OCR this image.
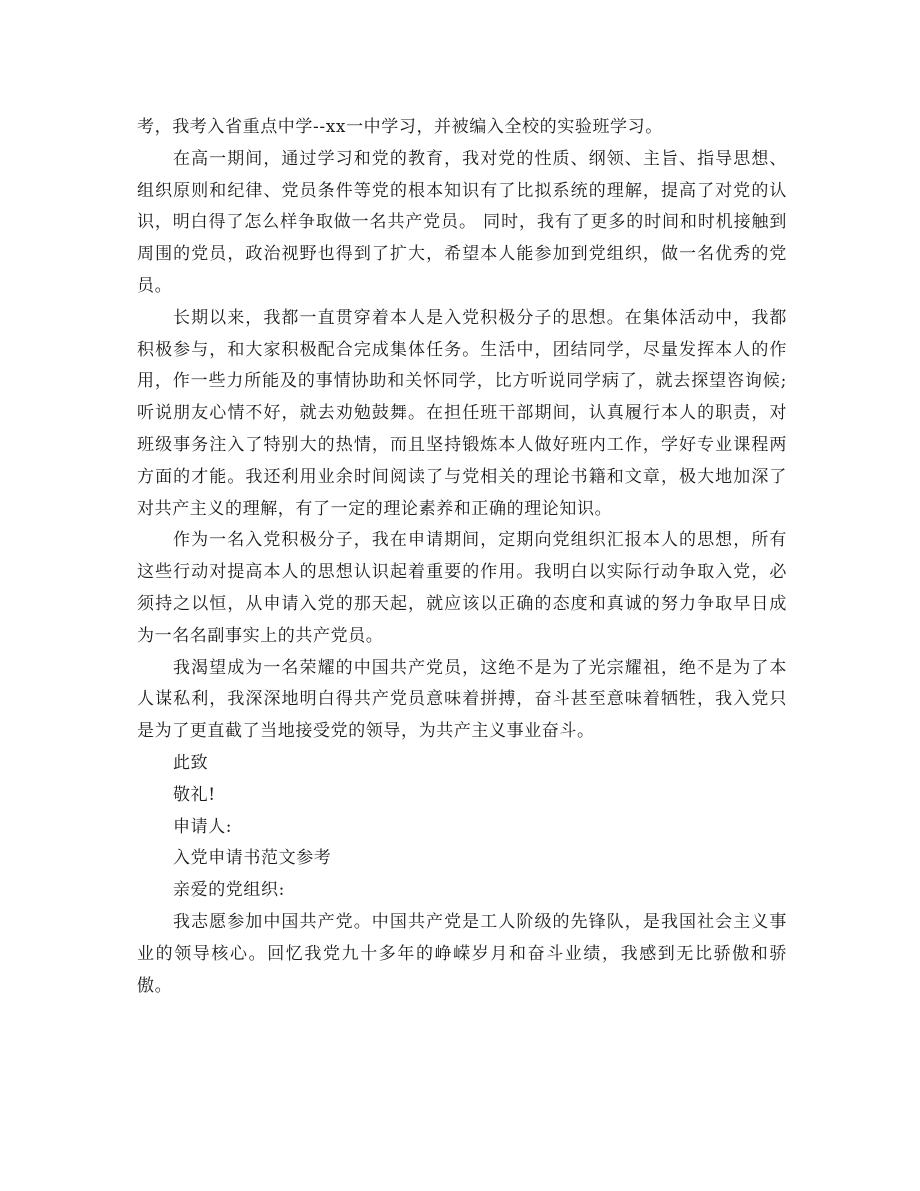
考，我考入省重点中学--xx一中学习，并被编入全校的实验班学习。

在高一期间，通过学习和党的教育，我对党的性质、纲领、主旨、指导思想、组织原则和纪律、党员条件等党的根本知识有了比拟系统的理解，提高了对党的认识，明白得了怎么样争取做一名共产党员。 同时，我有了更多的时间和时机接触到周围的党员，政治视野也得到了扩大，希望本人能参加到党组织，做一名优秀的党员。

长期以来，我都一直贯穿着本人是入党积极分子的思想。在集体活动中，我都积极参与，和大家积极配合完成集体任务。生活中，团结同学，尽量发挥本人的作用，作一些力所能及的事情协助和关怀同学，比方听说同学病了，就去探望咨询候;听说朋友心情不好，就去劝勉鼓舞。在担任班干部期间，认真履行本人的职责，对班级事务注入了特别大的热情，而且坚持锻炼本人做好班内工作，学好专业课程两方面的才能。我还利用业余时间阅读了与党相关的理论书籍和文章，极大地加深了对共产主义的理解，有了一定的理论素养和正确的理论知识。

作为一名入党积极分子，我在申请期间，定期向党组织汇报本人的思想，所有这些行动对提高本人的思想认识起着重要的作用。我明白以实际行动争取入党，必须持之以恒，从申请入党的那天起，就应该以正确的态度和真诚的努力争取早日成为一名名副事实上的共产党员。

我渴望成为一名荣耀的中国共产党员，这绝不是为了光宗耀祖，绝不是为了本人谋私利，我深深地明白得共产党员意味着拼搏，奋斗甚至意味着牺牲，我入党只是为了更直截了当地接受党的领导，为共产主义事业奋斗。

此致

敬礼!

申请人:

入党申请书范文参考

亲爱的党组织:

我志愿参加中国共产党。中国共产党是工人阶级的先锋队，是我国社会主义事业的领导核心。回忆我党九十多年的峥嵘岁月和奋斗业绩，我感到无比骄傲和骄傲。
